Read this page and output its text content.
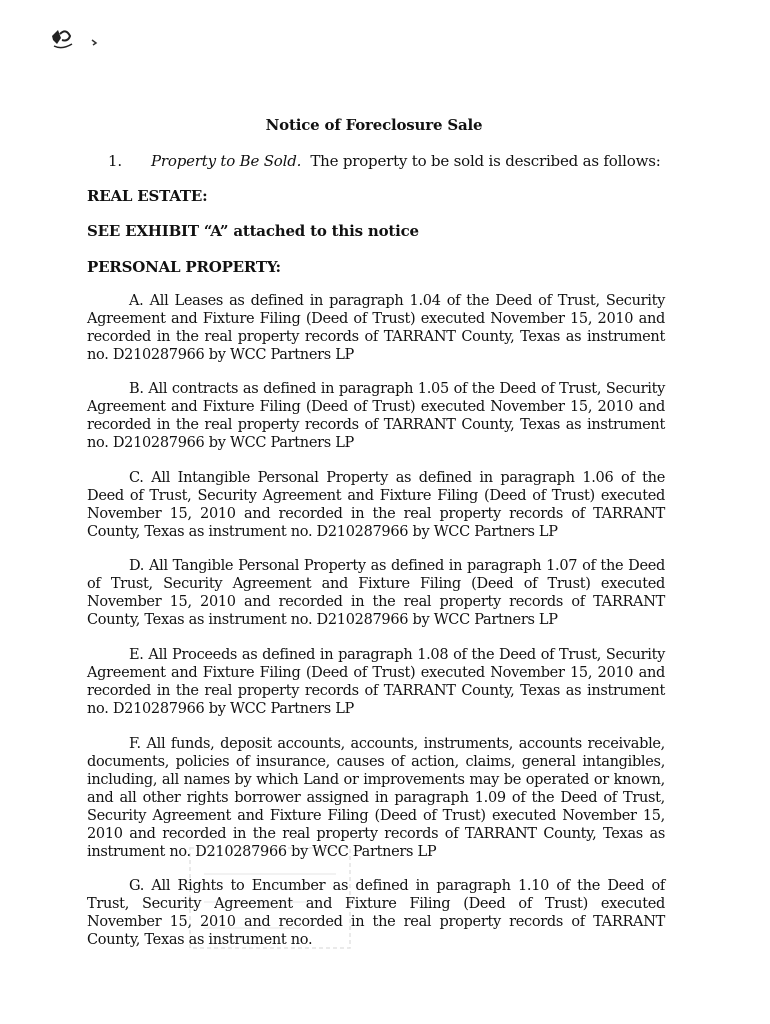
Notice of Foreclosure Sale
1. Property to Be Sold. The property to be sold is described as follows:
REAL ESTATE:
SEE EXHIBIT “A” attached to this notice
PERSONAL PROPERTY:
A. All Leases as defined in paragraph 1.04 of the Deed of Trust, Security Agreement and Fixture Filing (Deed of Trust) executed November 15, 2010 and recorded in the real property records of TARRANT County, Texas as instrument no. D210287966 by WCC Partners LP
B. All contracts as defined in paragraph 1.05 of the Deed of Trust, Security Agreement and Fixture Filing (Deed of Trust) executed November 15, 2010 and recorded in the real property records of TARRANT County, Texas as instrument no. D210287966 by WCC Partners LP
C. All Intangible Personal Property as defined in paragraph 1.06 of the Deed of Trust, Security Agreement and Fixture Filing (Deed of Trust) executed November 15, 2010 and recorded in the real property records of TARRANT County, Texas as instrument no. D210287966 by WCC Partners LP
D. All Tangible Personal Property as defined in paragraph 1.07 of the Deed of Trust, Security Agreement and Fixture Filing (Deed of Trust) executed November 15, 2010 and recorded in the real property records of TARRANT County, Texas as instrument no. D210287966 by WCC Partners LP
E. All Proceeds as defined in paragraph 1.08 of the Deed of Trust, Security Agreement and Fixture Filing (Deed of Trust) executed November 15, 2010 and recorded in the real property records of TARRANT County, Texas as instrument no. D210287966 by WCC Partners LP
F. All funds, deposit accounts, accounts, instruments, accounts receivable, documents, policies of insurance, causes of action, claims, general intangibles, including, all names by which Land or improvements may be operated or known, and all other rights borrower assigned in paragraph 1.09 of the Deed of Trust, Security Agreement and Fixture Filing (Deed of Trust) executed November 15, 2010 and recorded in the real property records of TARRANT County, Texas as instrument no. D210287966 by WCC Partners LP
G. All Rights to Encumber as defined in paragraph 1.10 of the Deed of Trust, Security Agreement and Fixture Filing (Deed of Trust) executed November 15, 2010 and recorded in the real property records of TARRANT County, Texas as instrument no.
